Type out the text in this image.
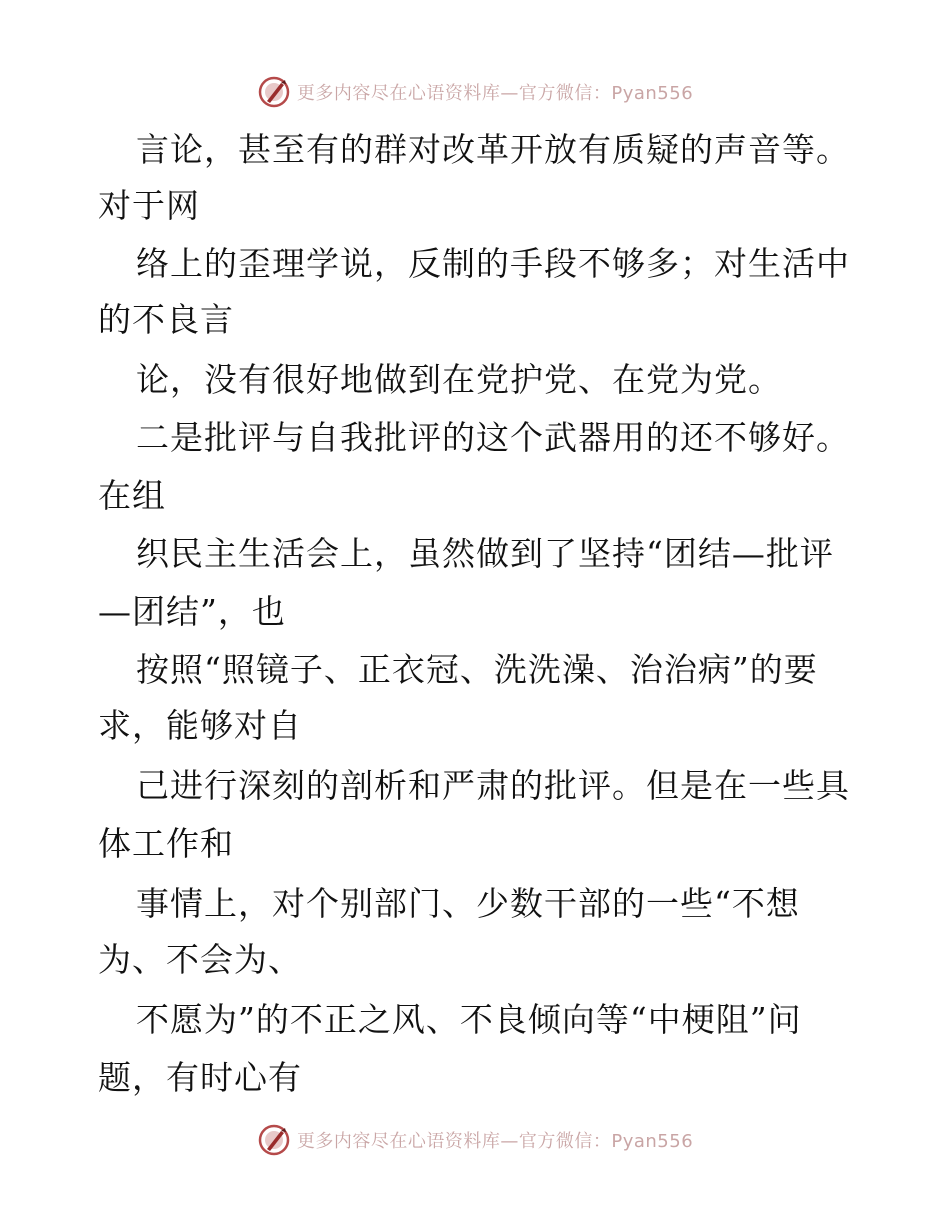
更多内容尽在心语资料库—官方微信：Pyan556
言论，甚至有的群对改革开放有质疑的声音等。
对于网
络上的歪理学说，反制的手段不够多；对生活中
的不良言
论，没有很好地做到在党护党、在党为党。
二是批评与自我批评的这个武器用的还不够好。
在组
织民主生活会上，虽然做到了坚持“团结—批评
—团结”，也
按照“照镜子、正衣冠、洗洗澡、治治病”的要
求，能够对自
己进行深刻的剖析和严肃的批评。但是在一些具
体工作和
事情上，对个别部门、少数干部的一些“不想
为、不会为、
不愿为”的不正之风、不良倾向等“中梗阻”问
题，有时心有
更多内容尽在心语资料库—官方微信：Pyan556
